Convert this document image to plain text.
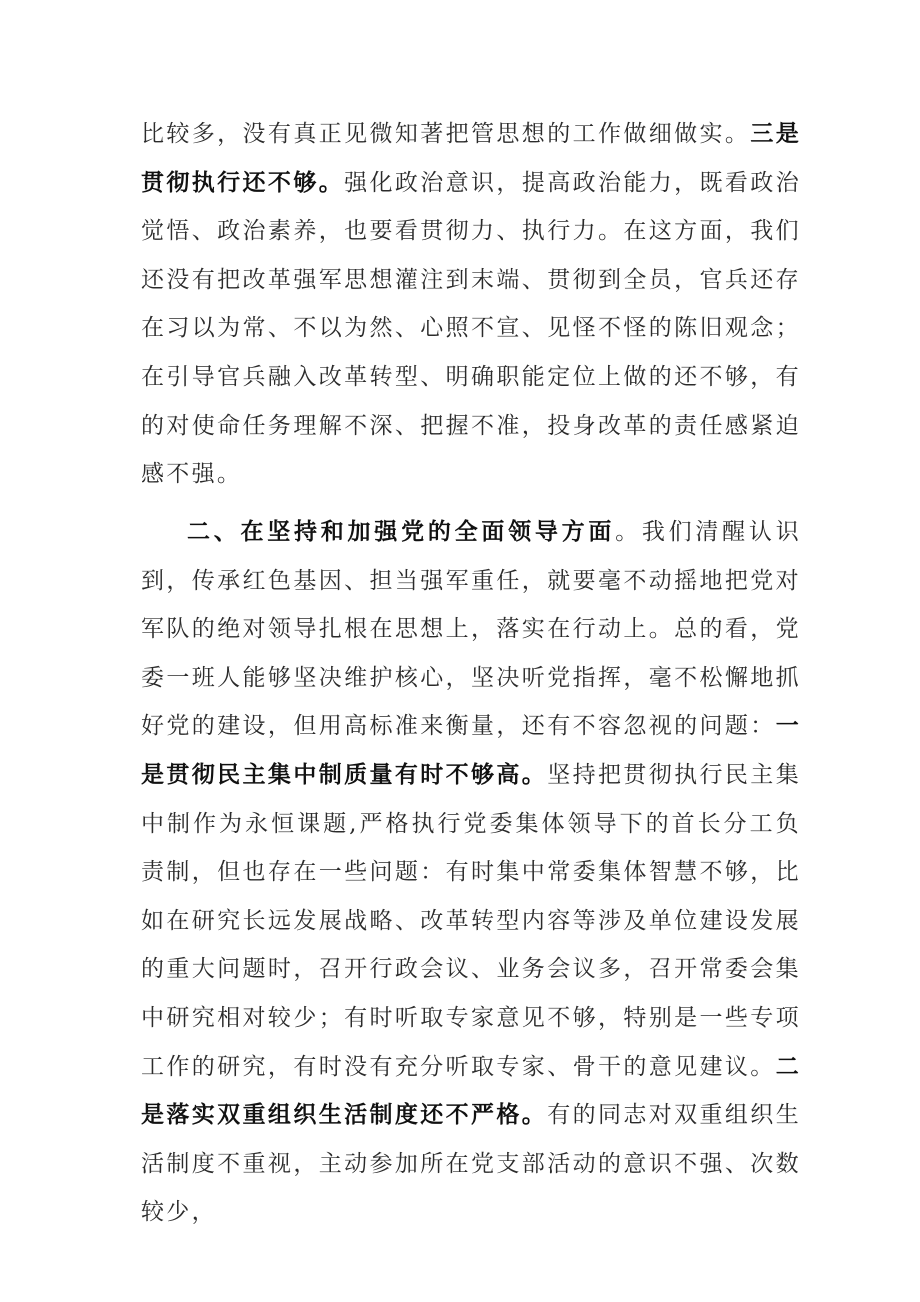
比较多，没有真正见微知著把管思想的工作做细做实。三是贯彻执行还不够。强化政治意识，提高政治能力，既看政治觉悟、政治素养，也要看贯彻力、执行力。在这方面，我们还没有把改革强军思想灌注到末端、贯彻到全员，官兵还存在习以为常、不以为然、心照不宣、见怪不怪的陈旧观念；在引导官兵融入改革转型、明确职能定位上做的还不够，有的对使命任务理解不深、把握不准，投身改革的责任感紧迫感不强。

二、在坚持和加强党的全面领导方面。我们清醒认识到，传承红色基因、担当强军重任，就要毫不动摇地把党对军队的绝对领导扎根在思想上，落实在行动上。总的看，党委一班人能够坚决维护核心，坚决听党指挥，毫不松懈地抓好党的建设，但用高标准来衡量，还有不容忽视的问题：一是贯彻民主集中制质量有时不够高。坚持把贯彻执行民主集中制作为永恒课题,严格执行党委集体领导下的首长分工负责制，但也存在一些问题：有时集中常委集体智慧不够，比如在研究长远发展战略、改革转型内容等涉及单位建设发展的重大问题时，召开行政会议、业务会议多，召开常委会集中研究相对较少；有时听取专家意见不够，特别是一些专项工作的研究，有时没有充分听取专家、骨干的意见建议。二是落实双重组织生活制度还不严格。有的同志对双重组织生活制度不重视，主动参加所在党支部活动的意识不强、次数较少，
